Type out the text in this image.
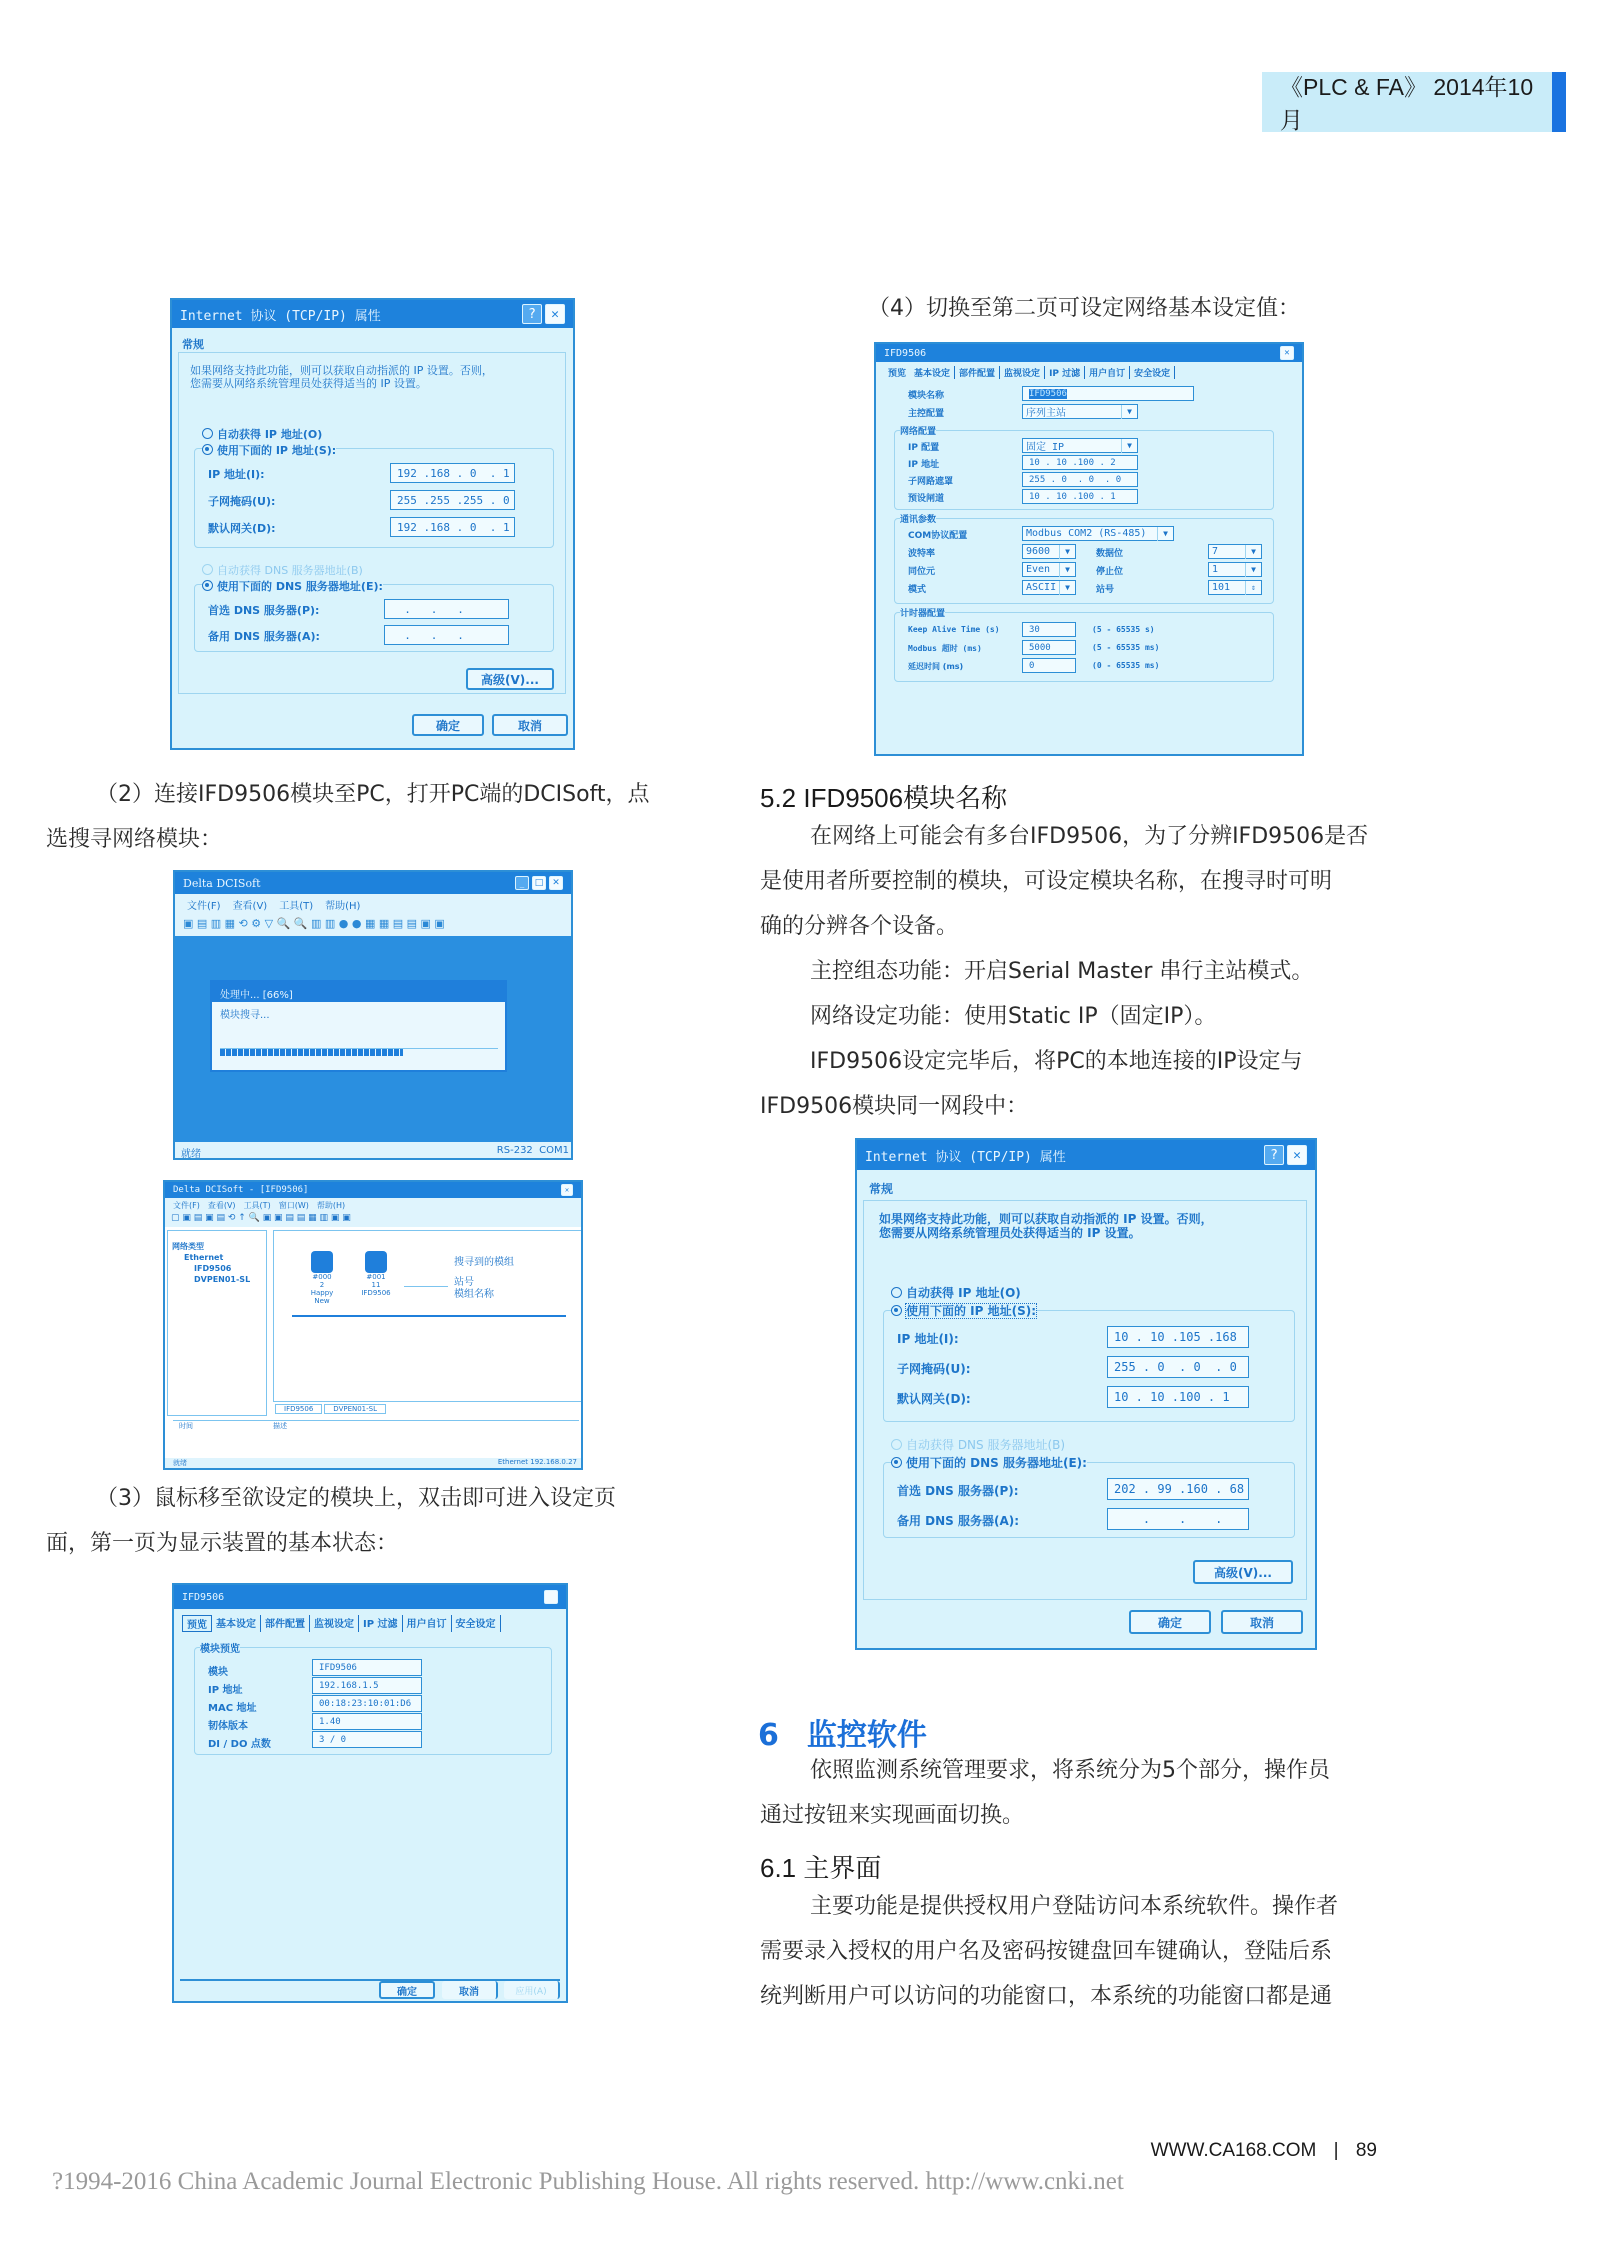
《PLC & FA》 2014年10月
Internet 协议 (TCP/IP) 属性	?	✕
常规
如果网络支持此功能，则可以获取自动指派的 IP 设置。否则，
您需要从网络系统管理员处获得适当的 IP 设置。
自动获得 IP 地址(O)
使用下面的 IP 地址(S):
IP 地址(I):	192 .168 . 0  . 1
子网掩码(U):	255 .255 .255 . 0
默认网关(D):	192 .168 . 0  . 1
自动获得 DNS 服务器地址(B)
使用下面的 DNS 服务器地址(E):
首选 DNS 服务器(P):	.   .   .
备用 DNS 服务器(A):	.   .   .
高级(V)...
确定	取消
（2）连接IFD9506模块至PC，打开PC端的DCISoft，点
选搜寻网络模块：
Delta DCISoft	_	□ ✕
文件(F) 查看(V) 工具(T) 帮助(H)
▣ ▤ ▥ ▦ ⟲ ⚙ ▽ 🔍 🔍 ▥ ▥ ● ● ▦ ▦ ▤ ▤ ▣ ▣
处理中... [66%]
模块搜寻...
就绪	RS-232 COM1
Delta DCISoft - [IFD9506]	✕
文件(F) 查看(V) 工具(T) 窗口(W) 帮助(H)
▢ ▣ ▤ ▣ ▤ ⟲ ↑ 🔍 ▣ ▣ ▤ ▤ ▦ ▥ ▣ ▣
网络类型
Ethernet
IFD9506
DVPEN01-SL	#000
2
Happy New
#001
11
IFD9506
搜寻到的模组
站号
模组名称
IFD9506	DVPEN01-SL
时间	描述
就绪	Ethernet 192.168.0.27
（3）鼠标移至欲设定的模块上，双击即可进入设定页
面，第一页为显示装置的基本状态：
IFD9506
预览 基本设定 部件配置 监视设定 IP 过滤 用户自订 安全设定
模块预览
模块	IFD9506
IP 地址	192.168.1.5
MAC 地址	00:18:23:10:01:D6
韧体版本	1.40
DI / DO 点数	3 / 0
确定	取消	应用(A)
（4）切换至第二页可设定网络基本设定值：
IFD9506	✕
预览 基本设定	部件配置	监视设定	IP 过滤	用户自订	安全设定
模块名称	IFD9506
主控配置	序列主站	▼
网络配置
IP 配置	固定 IP	▼
IP 地址	10 . 10 .100 . 2
子网路遮罩	255 . 0  . 0  . 0
预设闸道	10 . 10 .100 . 1
通讯参数
COM协议配置	Modbus COM2 (RS-485)	▼
波特率	9600	▼	数据位	7	▼
同位元	Even	▼	停止位	1	▼
模式	ASCII	▼	站号	101	⇕
计时器配置
Keep Alive Time (s)	30	(5 - 65535 s)
Modbus 超时 (ms)	5000	(5 - 65535 ms)
延迟时间 (ms)	0	(0 - 65535 ms)
5.2 IFD9506模块名称
在网络上可能会有多台IFD9506，为了分辨IFD9506是否
是使用者所要控制的模块，可设定模块名称，在搜寻时可明
确的分辨各个设备。
主控组态功能：开启Serial Master 串行主站模式。
网络设定功能：使用Static IP（固定IP）。
IFD9506设定完毕后，将PC的本地连接的IP设定与
IFD9506模块同一网段中：
Internet 协议 (TCP/IP) 属性	?	✕
常规
如果网络支持此功能，则可以获取自动指派的 IP 设置。否则，
您需要从网络系统管理员处获得适当的 IP 设置。
自动获得 IP 地址(O)
使用下面的 IP 地址(S):
IP 地址(I):	10 . 10 .105 .168
子网掩码(U):	255 . 0  . 0  . 0
默认网关(D):	10 . 10 .100 . 1
自动获得 DNS 服务器地址(B)
使用下面的 DNS 服务器地址(E):
首选 DNS 服务器(P):	202 . 99 .160 . 68
备用 DNS 服务器(A):	.    .    .
高级(V)...
确定	取消
6 监控软件
依照监测系统管理要求，将系统分为5个部分，操作员
通过按钮来实现画面切换。
6.1 主界面
主要功能是提供授权用户登陆访问本系统软件。操作者
需要录入授权的用户名及密码按键盘回车键确认，登陆后系
统判断用户可以访问的功能窗口，本系统的功能窗口都是通
WWW.CA168.COM | 89
?1994-2016 China Academic Journal Electronic Publishing House. All rights reserved. http://www.cnki.net
